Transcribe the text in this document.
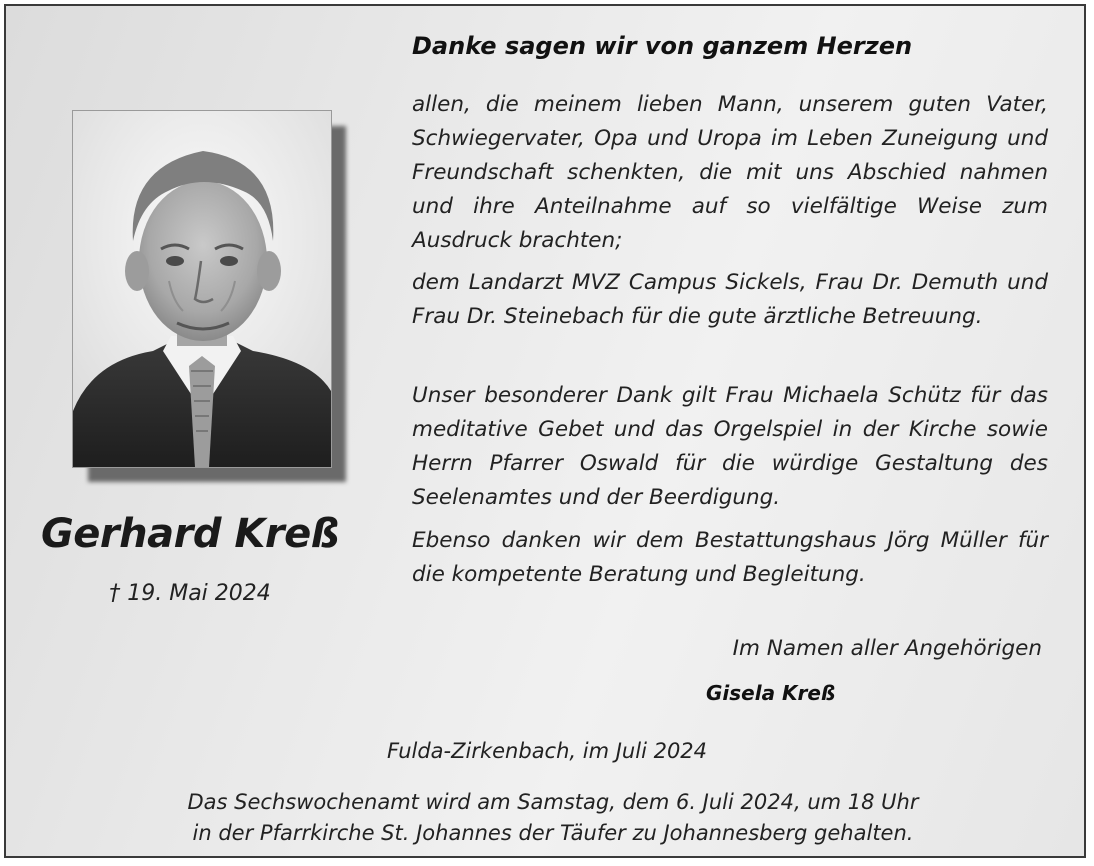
Gerhard Kreß
† 19. Mai 2024
Danke sagen wir von ganzem Herzen
allen, die meinem lieben Mann, unserem guten Vater, Schwiegervater, Opa und Uropa im Leben Zuneigung und Freundschaft schenkten, die mit uns Abschied nahmen und ihre Anteilnahme auf so vielfältige Weise zum Ausdruck brachten;
dem Landarzt MVZ Campus Sickels, Frau Dr. Demuth und Frau Dr. Steinebach für die gute ärztliche Betreuung.
Unser besonderer Dank gilt Frau Michaela Schütz für das meditative Gebet und das Orgelspiel in der Kirche sowie Herrn Pfarrer Oswald für die würdige Gestaltung des Seelenamtes und der Beerdigung.
Ebenso danken wir dem Bestattungshaus Jörg Müller für die kompetente Beratung und Begleitung.
Im Namen aller Angehörigen
Gisela Kreß
Fulda-Zirkenbach, im Juli 2024
Das Sechswochenamt wird am Samstag, dem 6. Juli 2024, um 18 Uhr
in der Pfarrkirche St. Johannes der Täufer zu Johannesberg gehalten.
